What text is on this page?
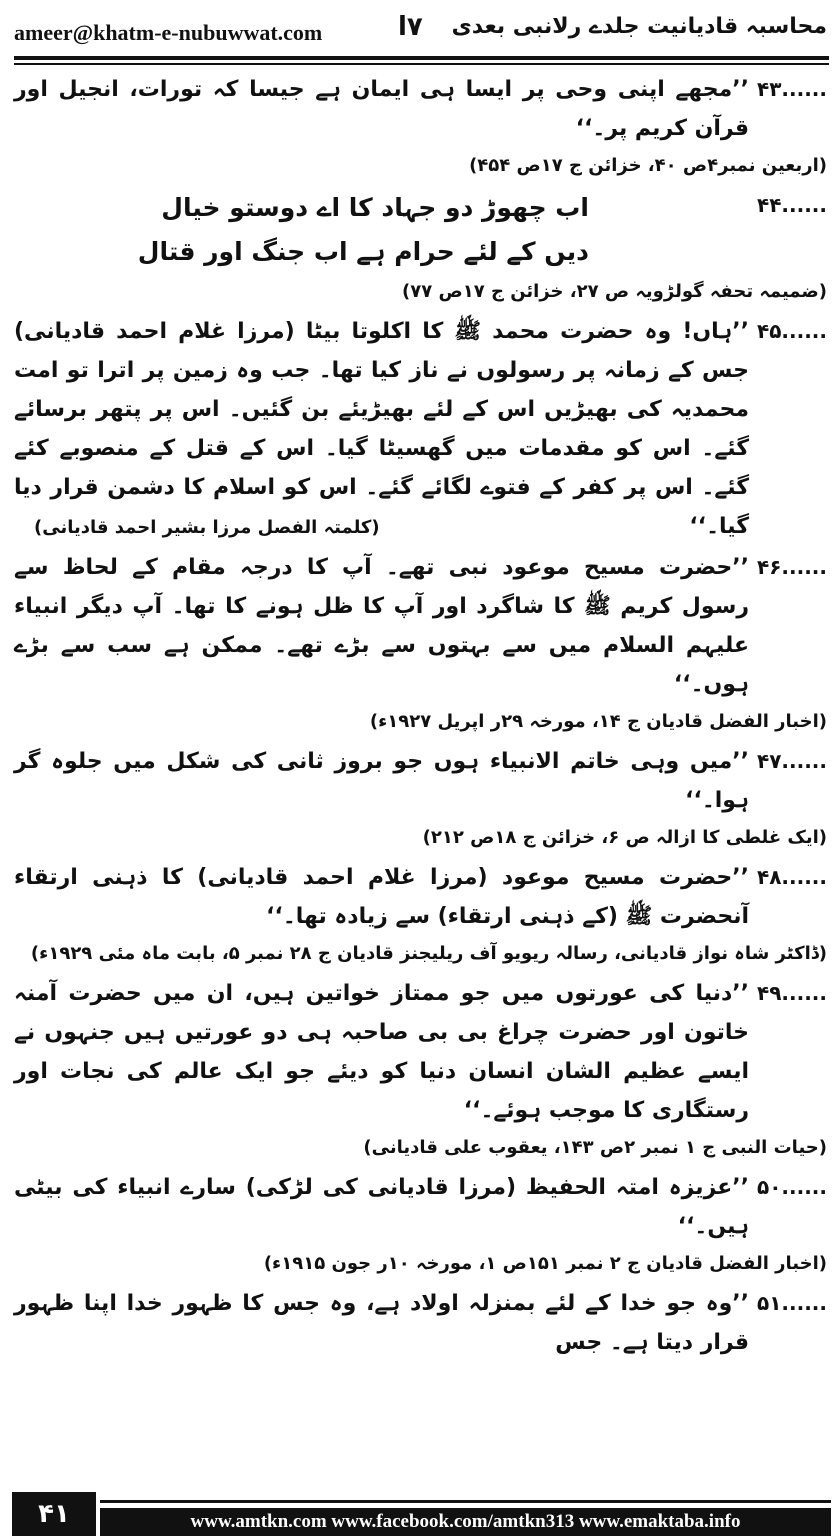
ameer@khatm-e-nubuwwat.com	۷ا محاسبہ قادیانیت جلدے رلانبی بعدی
......۴۳
’’مجھے اپنی وحی پر ایسا ہی ایمان ہے جیسا کہ تورات، انجیل اور قرآن کریم پر۔‘‘
(اربعین نمبر۴ص ۴۰، خزائن ج ۱۷ص ۴۵۴)
......۴۴
اب چھوڑ دو جہاد کا اے دوستو خیال
دیں کے لئے حرام ہے اب جنگ اور قتال
(ضمیمہ تحفہ گولڑویہ ص ۲۷، خزائن ج ۱۷ص ۷۷)
......۴۵
’’ہاں! وہ حضرت محمد ﷺ کا اکلوتا بیٹا (مرزا غلام احمد قادیانی) جس کے زمانہ پر رسولوں نے ناز کیا تھا۔ جب وہ زمین پر اترا تو امت محمدیہ کی بھیڑیں اس کے لئے بھیڑیئے بن گئیں۔ اس پر پتھر برسائے گئے۔ اس کو مقدمات میں گھسیٹا گیا۔ اس کے قتل کے منصوبے کئے گئے۔ اس پر کفر کے فتوے لگائے گئے۔ اس کو اسلام کا دشمن قرار دیا گیا۔‘‘
(کلمتہ الفصل مرزا بشیر احمد قادیانی)
......۴۶
’’حضرت مسیح موعود نبی تھے۔ آپ کا درجہ مقام کے لحاظ سے رسول کریم ﷺ کا شاگرد اور آپ کا ظل ہونے کا تھا۔ آپ دیگر انبیاء علیہم السلام میں سے بہتوں سے بڑے تھے۔ ممکن ہے سب سے بڑے ہوں۔‘‘
(اخبار الفضل قادیان ج ۱۴، مورخہ ۲۹ر اپریل ۱۹۲۷ء)
......۴۷
’’میں وہی خاتم الانبیاء ہوں جو بروز ثانی کی شکل میں جلوہ گر ہوا۔‘‘
(ایک غلطی کا ازالہ ص ۶، خزائن ج ۱۸ص ۲۱۲)
......۴۸
’’حضرت مسیح موعود (مرزا غلام احمد قادیانی) کا ذہنی ارتقاء آنحضرت ﷺ (کے ذہنی ارتقاء) سے زیادہ تھا۔‘‘
(ڈاکٹر شاہ نواز قادیانی، رسالہ ریویو آف ریلیجنز قادیان ج ۲۸ نمبر ۵، بابت ماہ مئی ۱۹۲۹ء)
......۴۹
’’دنیا کی عورتوں میں جو ممتاز خواتین ہیں، ان میں حضرت آمنہ خاتون اور حضرت چراغ بی بی صاحبہ ہی دو عورتیں ہیں جنہوں نے ایسے عظیم الشان انسان دنیا کو دیئے جو ایک عالم کی نجات اور رستگاری کا موجب ہوئے۔‘‘
(حیات النبی ج ۱ نمبر ۲ص ۱۴۳، یعقوب علی قادیانی)
......۵۰
’’عزیزہ امتہ الحفیظ (مرزا قادیانی کی لڑکی) سارے انبیاء کی بیٹی ہیں۔‘‘
(اخبار الفضل قادیان ج ۲ نمبر ۱۵۱ص ۱، مورخہ ۱۰ر جون ۱۹۱۵ء)
......۵۱
’’وہ جو خدا کے لئے بمنزلہ اولاد ہے، وہ جس کا ظہور خدا اپنا ظہور قرار دیتا ہے۔ جس
۴۱	www.amtkn.com www.facebook.com/amtkn313 www.emaktaba.info
